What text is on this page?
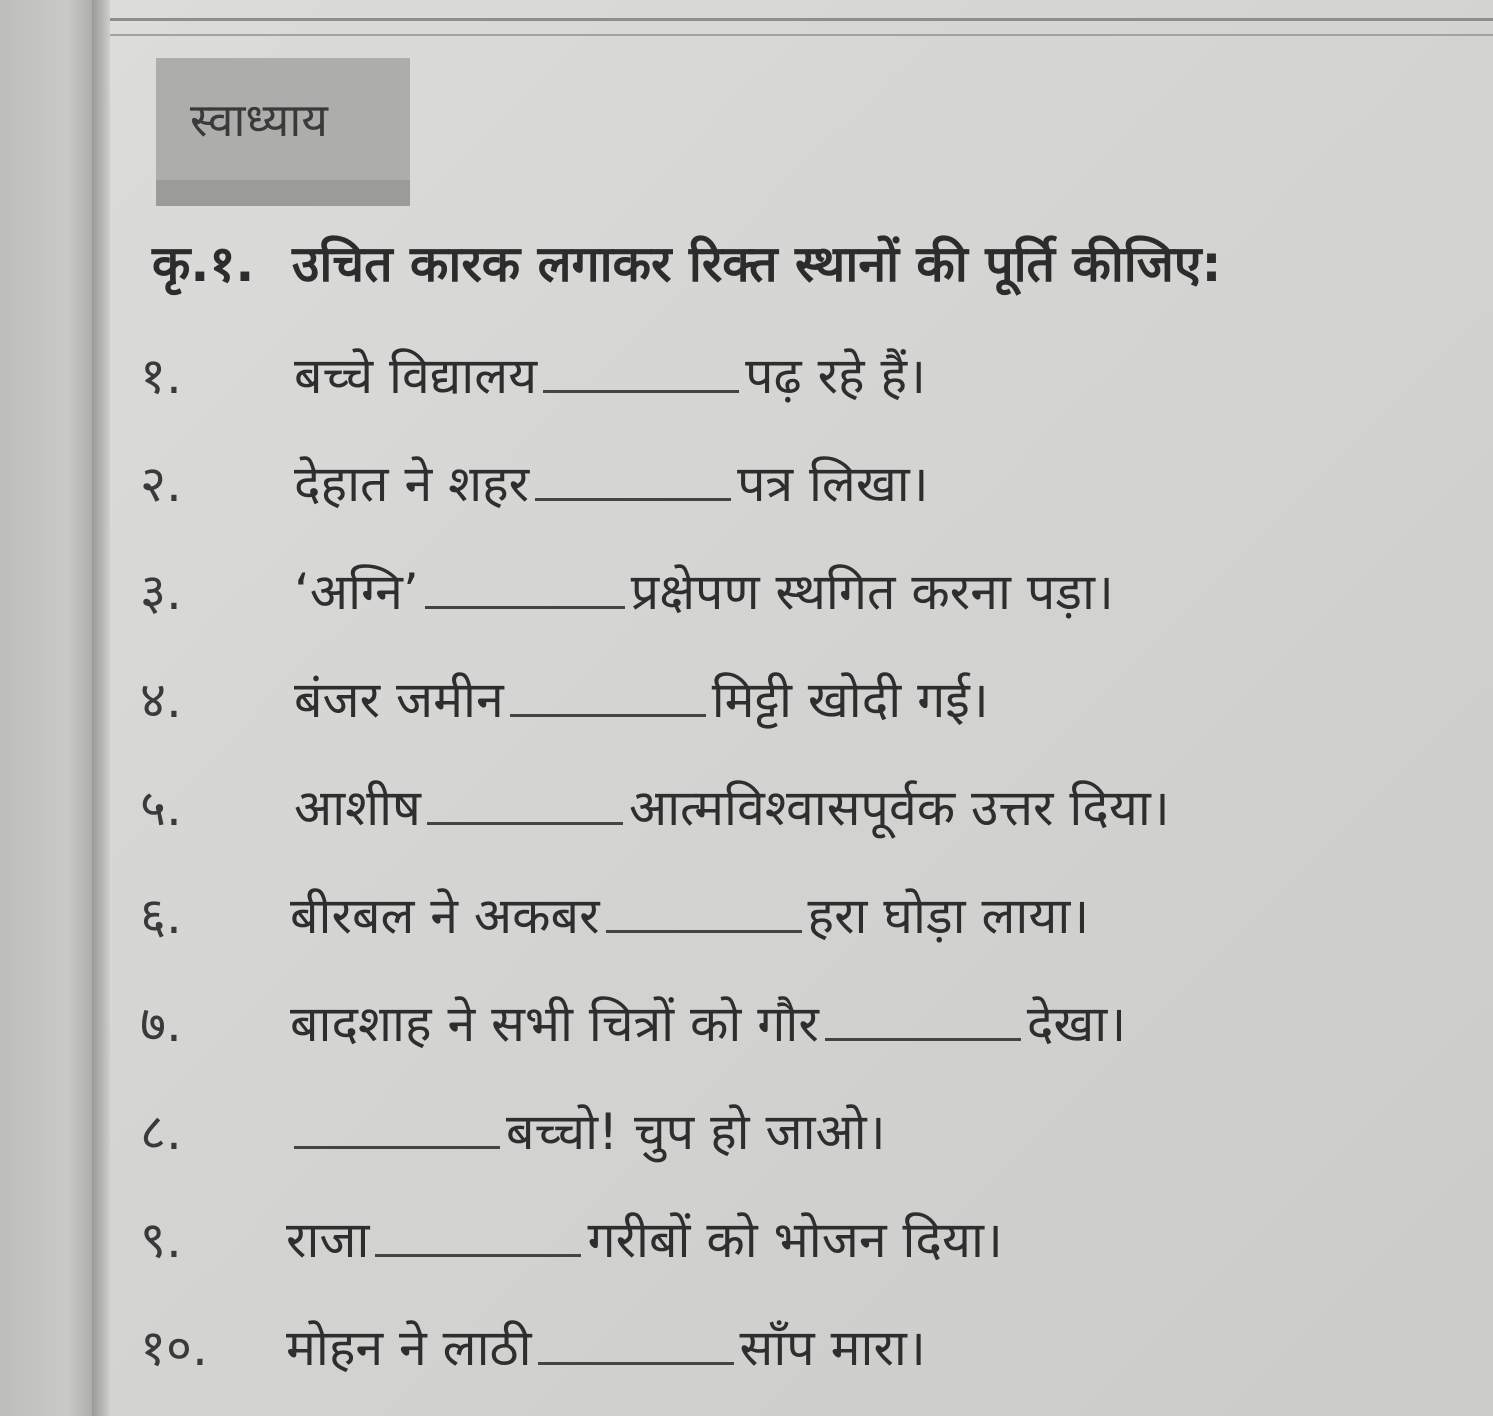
स्वाध्याय
कृ.१. उचित कारक लगाकर रिक्त स्थानों की पूर्ति कीजिए:
१. बच्चे विद्यालय	पढ़ रहे हैं।
२. देहात ने शहर	पत्र लिखा।
३. ‘अग्नि’	प्रक्षेपण स्थगित करना पड़ा।
४. बंजर जमीन	मिट्टी खोदी गई।
५. आशीष	आत्मविश्वासपूर्वक उत्तर दिया।
६. बीरबल ने अकबर	हरा घोड़ा लाया।
७. बादशाह ने सभी चित्रों को गौर	देखा।
८.	बच्चो! चुप हो जाओ।
९. राजा	गरीबों को भोजन दिया।
१०. मोहन ने लाठी	साँप मारा।
